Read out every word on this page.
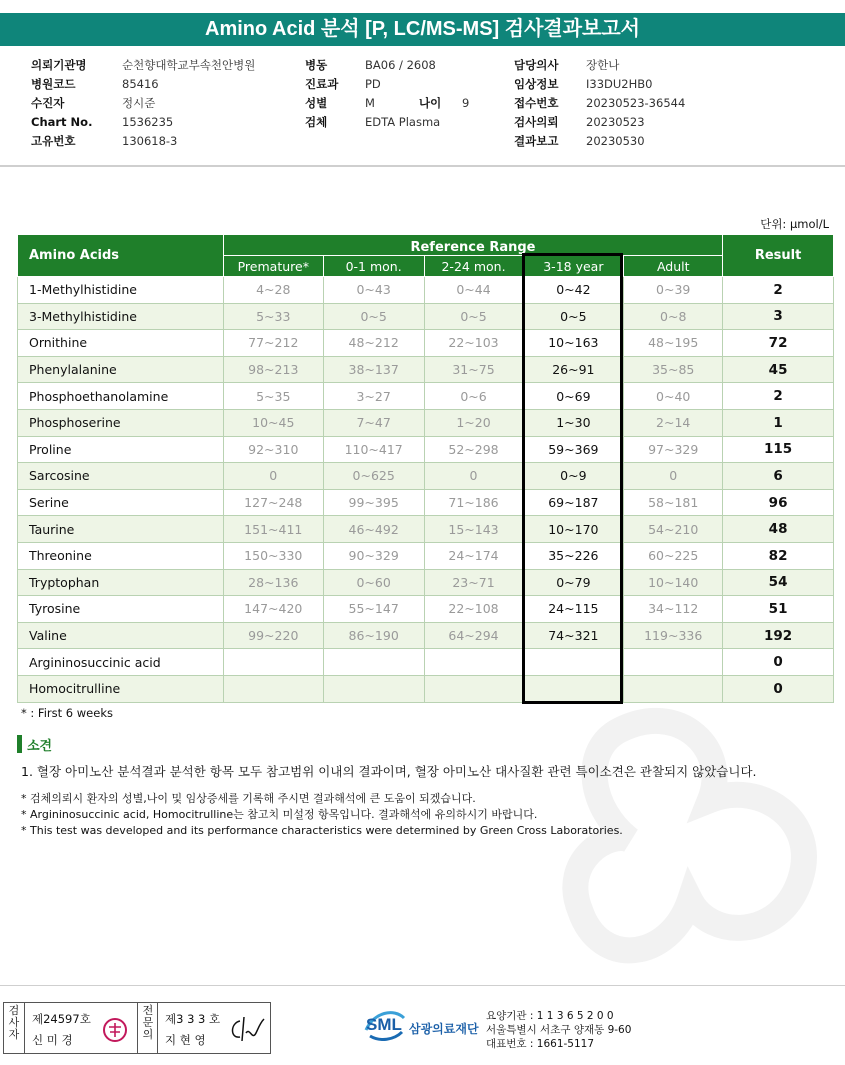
Amino Acid 분석 [P, LC/MS-MS] 검사결과보고서
의뢰기관명	순천향대학교부속천안병원
병원코드	85416
수진자	정시준
Chart No.	1536235
고유번호	130618-3
병동	BA06 / 2608
진료과 PD
성별	M	나이 9
검체	EDTA Plasma
담당의사 장한나
임상정보 I33DU2HB0
접수번호 20230523-36544
검사의뢰 20230523
결과보고 20230530
단위: μmol/L
Amino Acids	Reference Range					Result
	Premature*	0-1 mon.	2-24 mon.	3-18 year	Adult	
1-Methylhistidine	4~28	0~43	0~44	0~42	0~39	2
3-Methylhistidine	5~33	0~5	0~5	0~5	0~8	3
Ornithine	77~212	48~212	22~103	10~163	48~195	72
Phenylalanine	98~213	38~137	31~75	26~91	35~85	45
Phosphoethanolamine	5~35	3~27	0~6	0~69	0~40	2
Phosphoserine	10~45	7~47	1~20	1~30	2~14	1
Proline	92~310	110~417	52~298	59~369	97~329	115
Sarcosine	0	0~625	0	0~9	0	6
Serine	127~248	99~395	71~186	69~187	58~181	96
Taurine	151~411	46~492	15~143	10~170	54~210	48
Threonine	150~330	90~329	24~174	35~226	60~225	82
Tryptophan	28~136	0~60	23~71	0~79	10~140	54
Tyrosine	147~420	55~147	22~108	24~115	34~112	51
Valine	99~220	86~190	64~294	74~321	119~336	192
Argininosuccinic acid						0
Homocitrulline						0
* : First 6 weeks
소견
1. 혈장 아미노산 분석결과 분석한 항목 모두 참고범위 이내의 결과이며, 혈장 아미노산 대사질환 관련 특이소견은 관찰되지 않았습니다.
* 검체의뢰시 환자의 성별,나이 및 임상증세를 기록해 주시면 결과해석에 큰 도움이 되겠습니다.
* Argininosuccinic acid, Homocitrulline는 참고치 미설정 항목입니다. 결과해석에 유의하시기 바랍니다.
* This test was developed and its performance characteristics were determined by Green Cross Laboratories.
검
사
자
제24597호
신 미 경
전
문
의
제3 3 3 호
지 현 영
SML 삼광의료재단
요양기관 : 1 1 3 6 5 2 0 0
서울특별시 서초구 양재동 9-60
대표번호 : 1661-5117
